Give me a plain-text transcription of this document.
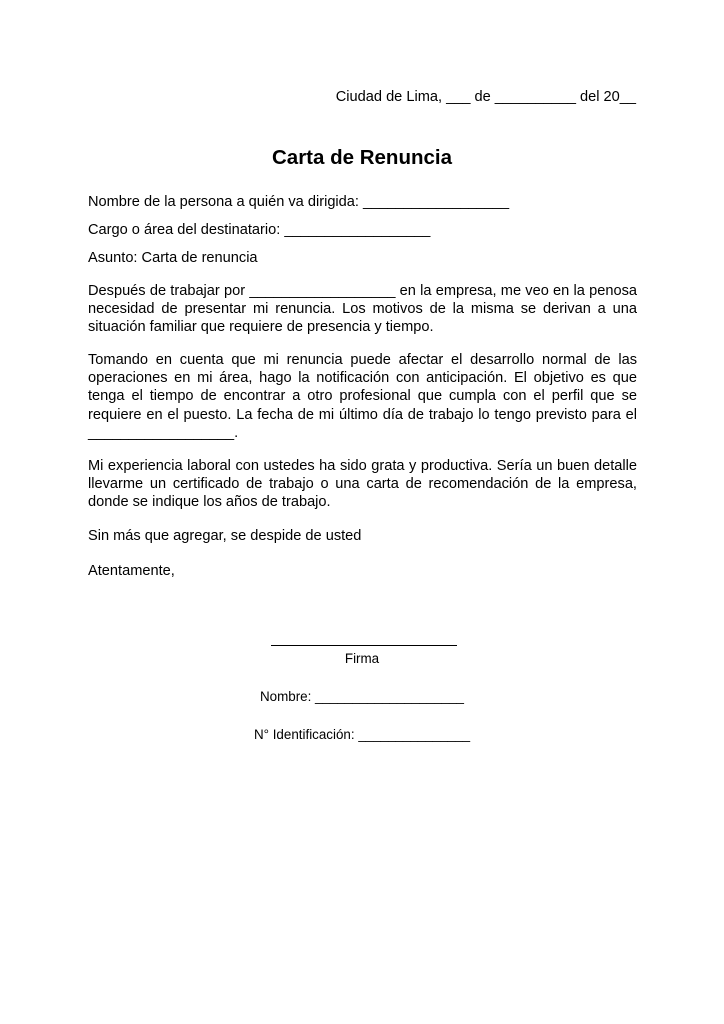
Ciudad de Lima, ___ de __________ del 20__
Carta de Renuncia
Nombre de la persona a quién va dirigida: __________________
Cargo o área del destinatario: __________________
Asunto: Carta de renuncia
Después de trabajar por __________________ en la empresa, me veo en la penosa necesidad de presentar mi renuncia. Los motivos de la misma se derivan a una situación familiar que requiere de presencia y tiempo.
Tomando en cuenta que mi renuncia puede afectar el desarrollo normal de las operaciones en mi área, hago la notificación con anticipación. El objetivo es que tenga el tiempo de encontrar a otro profesional que cumpla con el perfil que se requiere en el puesto. La fecha de mi último día de trabajo lo tengo previsto para el __________________.
Mi experiencia laboral con ustedes ha sido grata y productiva. Sería un buen detalle llevarme un certificado de trabajo o una carta de recomendación de la empresa, donde se indique los años de trabajo.
Sin más que agregar, se despide de usted
Atentamente,
Firma
Nombre: ____________________
N° Identificación: _______________
